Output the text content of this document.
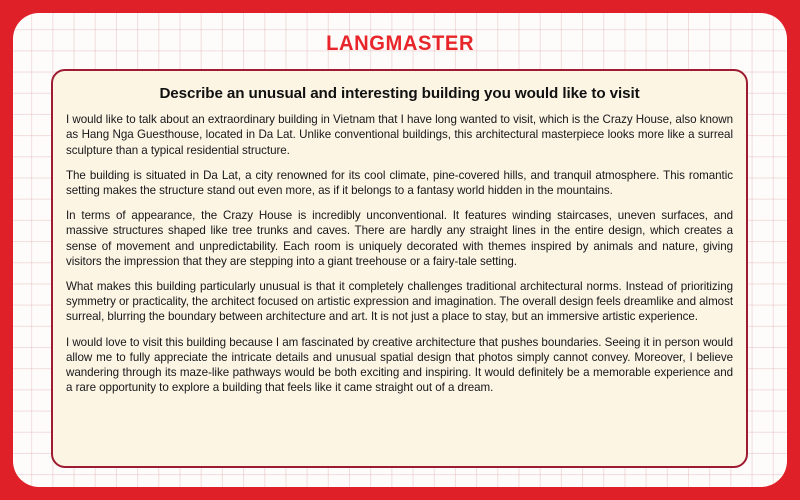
LANGMASTER
Describe an unusual and interesting building you would like to visit

I would like to talk about an extraordinary building in Vietnam that I have long wanted to visit, which is the Crazy House, also known as Hang Nga Guesthouse, located in Da Lat. Unlike conventional buildings, this architectural masterpiece looks more like a surreal sculpture than a typical residential structure.

The building is situated in Da Lat, a city renowned for its cool climate, pine-covered hills, and tranquil atmosphere. This romantic setting makes the structure stand out even more, as if it belongs to a fantasy world hidden in the mountains.

In terms of appearance, the Crazy House is incredibly unconventional. It features winding staircases, uneven surfaces, and massive structures shaped like tree trunks and caves. There are hardly any straight lines in the entire design, which creates a sense of movement and unpredictability. Each room is uniquely decorated with themes inspired by animals and nature, giving visitors the impression that they are stepping into a giant treehouse or a fairy-tale setting.

What makes this building particularly unusual is that it completely challenges traditional architectural norms. Instead of prioritizing symmetry or practicality, the architect focused on artistic expression and imagination. The overall design feels dreamlike and almost surreal, blurring the boundary between architecture and art. It is not just a place to stay, but an immersive artistic experience.

I would love to visit this building because I am fascinated by creative architecture that pushes boundaries. Seeing it in person would allow me to fully appreciate the intricate details and unusual spatial design that photos simply cannot convey. Moreover, I believe wandering through its maze-like pathways would be both exciting and inspiring. It would definitely be a memorable experience and a rare opportunity to explore a building that feels like it came straight out of a dream.
